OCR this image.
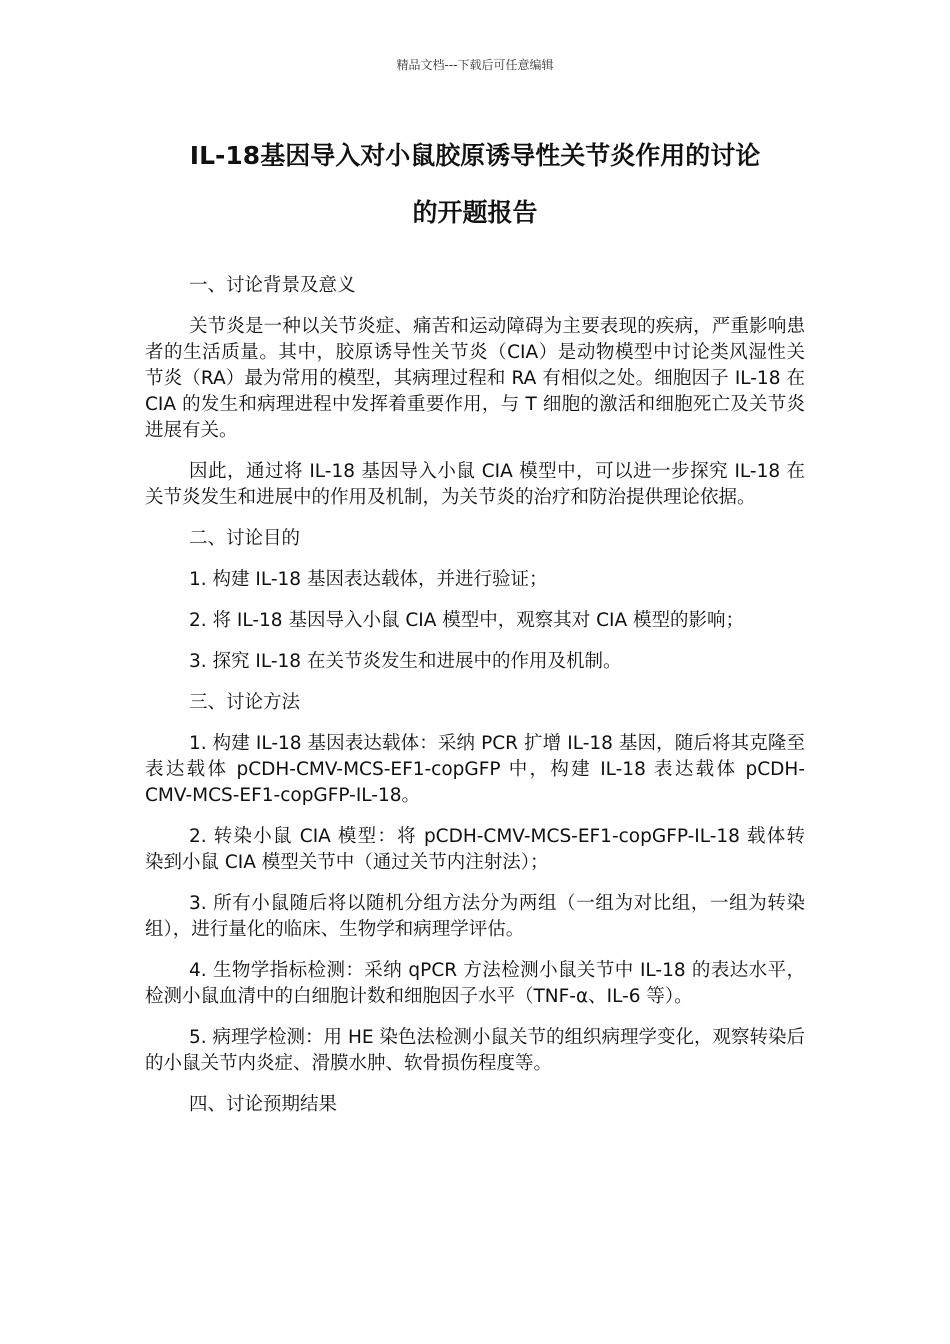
精品文档---下载后可任意编辑
IL-18基因导入对小鼠胶原诱导性关节炎作用的讨论
的开题报告

一、讨论背景及意义

关节炎是一种以关节炎症、痛苦和运动障碍为主要表现的疾病，严重影响患者的生活质量。其中，胶原诱导性关节炎（CIA）是动物模型中讨论类风湿性关节炎（RA）最为常用的模型，其病理过程和 RA 有相似之处。细胞因子 IL-18 在 CIA 的发生和病理进程中发挥着重要作用，与 T 细胞的激活和细胞死亡及关节炎进展有关。

因此，通过将 IL-18 基因导入小鼠 CIA 模型中，可以进一步探究 IL-18 在关节炎发生和进展中的作用及机制，为关节炎的治疗和防治提供理论依据。

二、讨论目的

1. 构建 IL-18 基因表达载体，并进行验证；

2. 将 IL-18 基因导入小鼠 CIA 模型中，观察其对 CIA 模型的影响；

3. 探究 IL-18 在关节炎发生和进展中的作用及机制。

三、讨论方法

1. 构建 IL-18 基因表达载体：采纳 PCR 扩增 IL-18 基因，随后将其克隆至表达载体 pCDH-CMV-MCS-EF1-copGFP 中，构建 IL-18 表达载体 pCDH-CMV-MCS-EF1-copGFP-IL-18。

2. 转染小鼠 CIA 模型：将 pCDH-CMV-MCS-EF1-copGFP-IL-18 载体转染到小鼠 CIA 模型关节中（通过关节内注射法）；

3. 所有小鼠随后将以随机分组方法分为两组（一组为对比组，一组为转染组），进行量化的临床、生物学和病理学评估。

4. 生物学指标检测：采纳 qPCR 方法检测小鼠关节中 IL-18 的表达水平，检测小鼠血清中的白细胞计数和细胞因子水平（TNF-α、IL-6 等）。

5. 病理学检测：用 HE 染色法检测小鼠关节的组织病理学变化，观察转染后的小鼠关节内炎症、滑膜水肿、软骨损伤程度等。

四、讨论预期结果
